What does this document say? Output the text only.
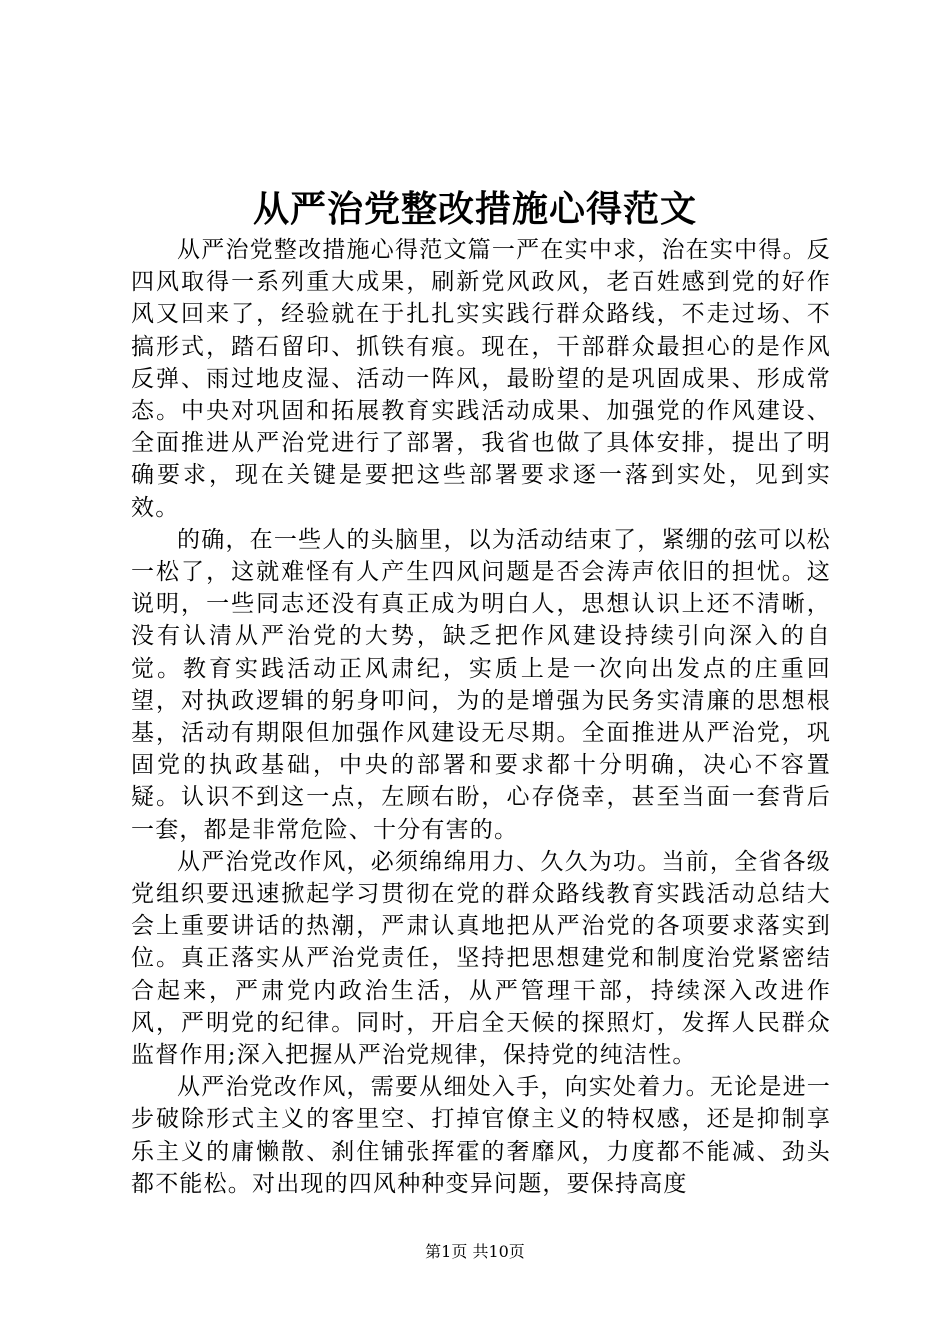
从严治党整改措施心得范文

从严治党整改措施心得范文篇一严在实中求，治在实中得。反四风取得一系列重大成果，刷新党风政风，老百姓感到党的好作风又回来了，经验就在于扎扎实实践行群众路线，不走过场、不搞形式，踏石留印、抓铁有痕。现在，干部群众最担心的是作风反弹、雨过地皮湿、活动一阵风，最盼望的是巩固成果、形成常态。中央对巩固和拓展教育实践活动成果、加强党的作风建设、全面推进从严治党进行了部署，我省也做了具体安排，提出了明确要求，现在关键是要把这些部署要求逐一落到实处，见到实效。

的确，在一些人的头脑里，以为活动结束了，紧绷的弦可以松一松了，这就难怪有人产生四风问题是否会涛声依旧的担忧。这说明，一些同志还没有真正成为明白人，思想认识上还不清晰，没有认清从严治党的大势，缺乏把作风建设持续引向深入的自觉。教育实践活动正风肃纪，实质上是一次向出发点的庄重回望，对执政逻辑的躬身叩问，为的是增强为民务实清廉的思想根基，活动有期限但加强作风建设无尽期。全面推进从严治党，巩固党的执政基础，中央的部署和要求都十分明确，决心不容置疑。认识不到这一点，左顾右盼，心存侥幸，甚至当面一套背后一套，都是非常危险、十分有害的。

从严治党改作风，必须绵绵用力、久久为功。当前，全省各级党组织要迅速掀起学习贯彻在党的群众路线教育实践活动总结大会上重要讲话的热潮，严肃认真地把从严治党的各项要求落实到位。真正落实从严治党责任，坚持把思想建党和制度治党紧密结合起来，严肃党内政治生活，从严管理干部，持续深入改进作风，严明党的纪律。同时，开启全天候的探照灯，发挥人民群众监督作用;深入把握从严治党规律，保持党的纯洁性。

从严治党改作风，需要从细处入手，向实处着力。无论是进一步破除形式主义的客里空、打掉官僚主义的特权感，还是抑制享乐主义的庸懒散、刹住铺张挥霍的奢靡风，力度都不能减、劲头都不能松。对出现的四风种种变异问题，要保持高度

第1页 共10页
